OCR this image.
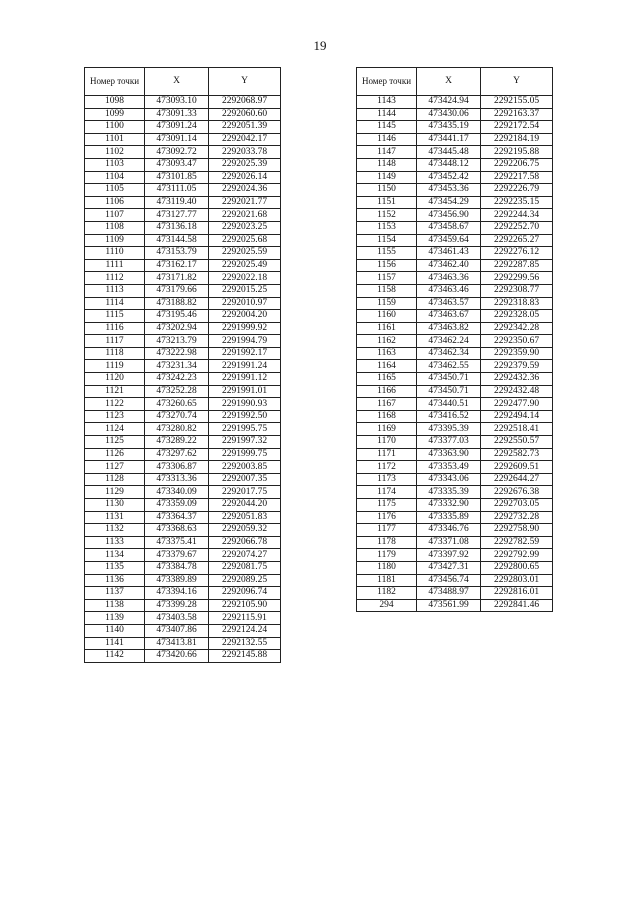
19
Номер точки	X	Y
1098	473093.10	2292068.97
1099	473091.33	2292060.60
1100	473091.24	2292051.39
1101	473091.14	2292042.17
1102	473092.72	2292033.78
1103	473093.47	2292025.39
1104	473101.85	2292026.14
1105	473111.05	2292024.36
1106	473119.40	2292021.77
1107	473127.77	2292021.68
1108	473136.18	2292023.25
1109	473144.58	2292025.68
1110	473153.79	2292025.59
1111	473162.17	2292025.49
1112	473171.82	2292022.18
1113	473179.66	2292015.25
1114	473188.82	2292010.97
1115	473195.46	2292004.20
1116	473202.94	2291999.92
1117	473213.79	2291994.79
1118	473222.98	2291992.17
1119	473231.34	2291991.24
1120	473242.23	2291991.12
1121	473252.28	2291991.01
1122	473260.65	2291990.93
1123	473270.74	2291992.50
1124	473280.82	2291995.75
1125	473289.22	2291997.32
1126	473297.62	2291999.75
1127	473306.87	2292003.85
1128	473313.36	2292007.35
1129	473340.09	2292017.75
1130	473359.09	2292044.20
1131	473364.37	2292051.83
1132	473368.63	2292059.32
1133	473375.41	2292066.78
1134	473379.67	2292074.27
1135	473384.78	2292081.75
1136	473389.89	2292089.25
1137	473394.16	2292096.74
1138	473399.28	2292105.90
1139	473403.58	2292115.91
1140	473407.86	2292124.24
1141	473413.81	2292132.55
1142	473420.66	2292145.88
Номер точки	X	Y
1143	473424.94	2292155.05
1144	473430.06	2292163.37
1145	473435.19	2292172.54
1146	473441.17	2292184.19
1147	473445.48	2292195.88
1148	473448.12	2292206.75
1149	473452.42	2292217.58
1150	473453.36	2292226.79
1151	473454.29	2292235.15
1152	473456.90	2292244.34
1153	473458.67	2292252.70
1154	473459.64	2292265.27
1155	473461.43	2292276.12
1156	473462.40	2292287.85
1157	473463.36	2292299.56
1158	473463.46	2292308.77
1159	473463.57	2292318.83
1160	473463.67	2292328.05
1161	473463.82	2292342.28
1162	473462.24	2292350.67
1163	473462.34	2292359.90
1164	473462.55	2292379.59
1165	473450.71	2292432.36
1166	473450.71	2292432.48
1167	473440.51	2292477.90
1168	473416.52	2292494.14
1169	473395.39	2292518.41
1170	473377.03	2292550.57
1171	473363.90	2292582.73
1172	473353.49	2292609.51
1173	473343.06	2292644.27
1174	473335.39	2292676.38
1175	473332.90	2292703.05
1176	473335.89	2292732.28
1177	473346.76	2292758.90
1178	473371.08	2292782.59
1179	473397.92	2292792.99
1180	473427.31	2292800.65
1181	473456.74	2292803.01
1182	473488.97	2292816.01
294	473561.99	2292841.46
